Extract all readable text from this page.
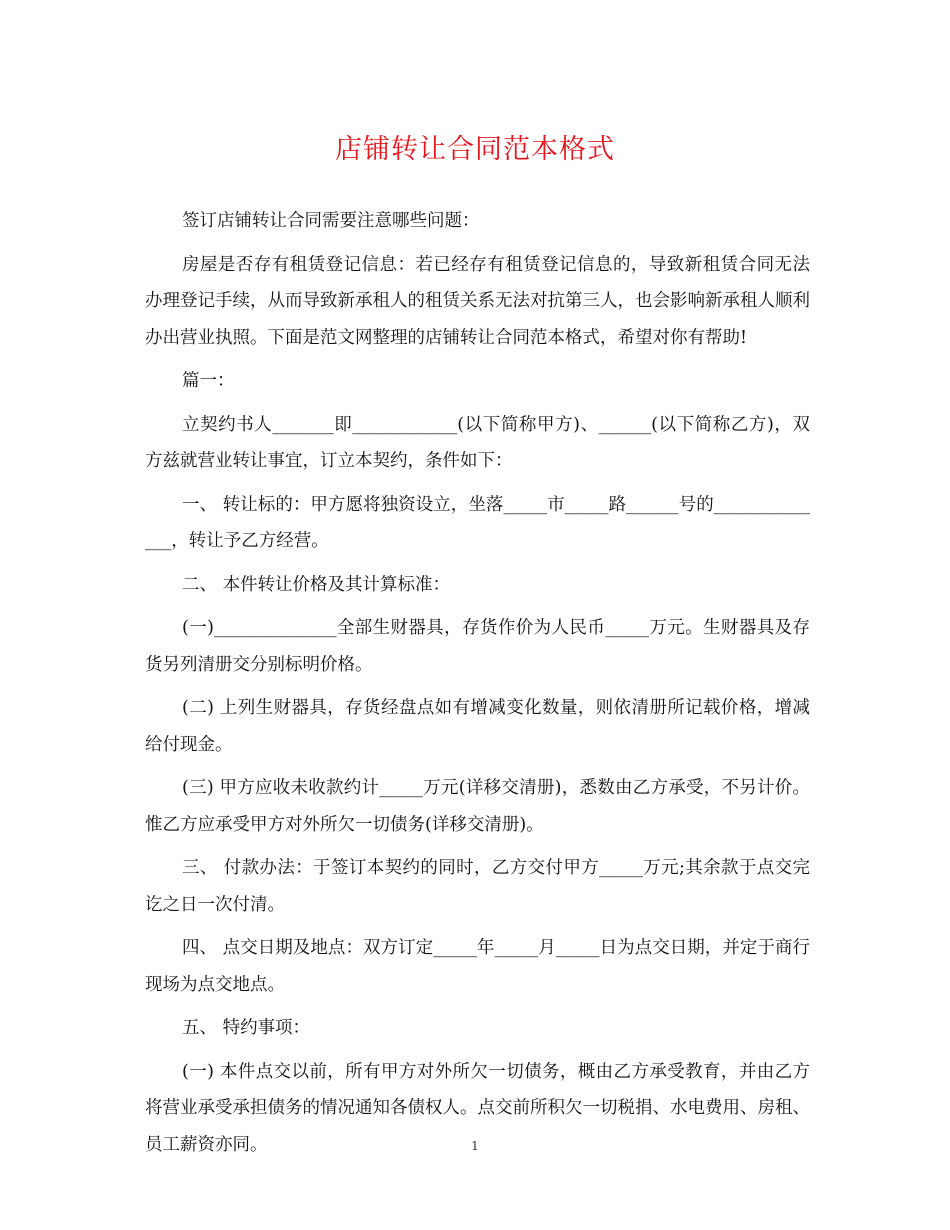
店铺转让合同范本格式

签订店铺转让合同需要注意哪些问题：

房屋是否存有租赁登记信息：若已经存有租赁登记信息的，导致新租赁合同无法办理登记手续，从而导致新承租人的租赁关系无法对抗第三人，也会影响新承租人顺利办出营业执照。下面是范文网整理的店铺转让合同范本格式，希望对你有帮助!

篇一：

立契约书人_______即____________(以下简称甲方)、______(以下简称乙方)，双方兹就营业转让事宜，订立本契约，条件如下：

一、 转让标的：甲方愿将独资设立，坐落_____市_____路______号的______________，转让予乙方经营。

二、 本件转让价格及其计算标准：

(一)______________全部生财器具，存货作价为人民币_____万元。生财器具及存货另列清册交分别标明价格。

(二) 上列生财器具，存货经盘点如有增减变化数量，则依清册所记载价格，增减给付现金。

(三) 甲方应收未收款约计_____万元(详移交清册)，悉数由乙方承受，不另计价。惟乙方应承受甲方对外所欠一切债务(详移交清册)。

三、 付款办法：于签订本契约的同时，乙方交付甲方_____万元;其余款于点交完讫之日一次付清。

四、 点交日期及地点：双方订定_____年_____月_____日为点交日期，并定于商行现场为点交地点。

五、 特约事项：

(一) 本件点交以前，所有甲方对外所欠一切债务，概由乙方承受教育，并由乙方将营业承受承担债务的情况通知各债权人。点交前所积欠一切税捐、水电费用、房租、员工薪资亦同。	1
